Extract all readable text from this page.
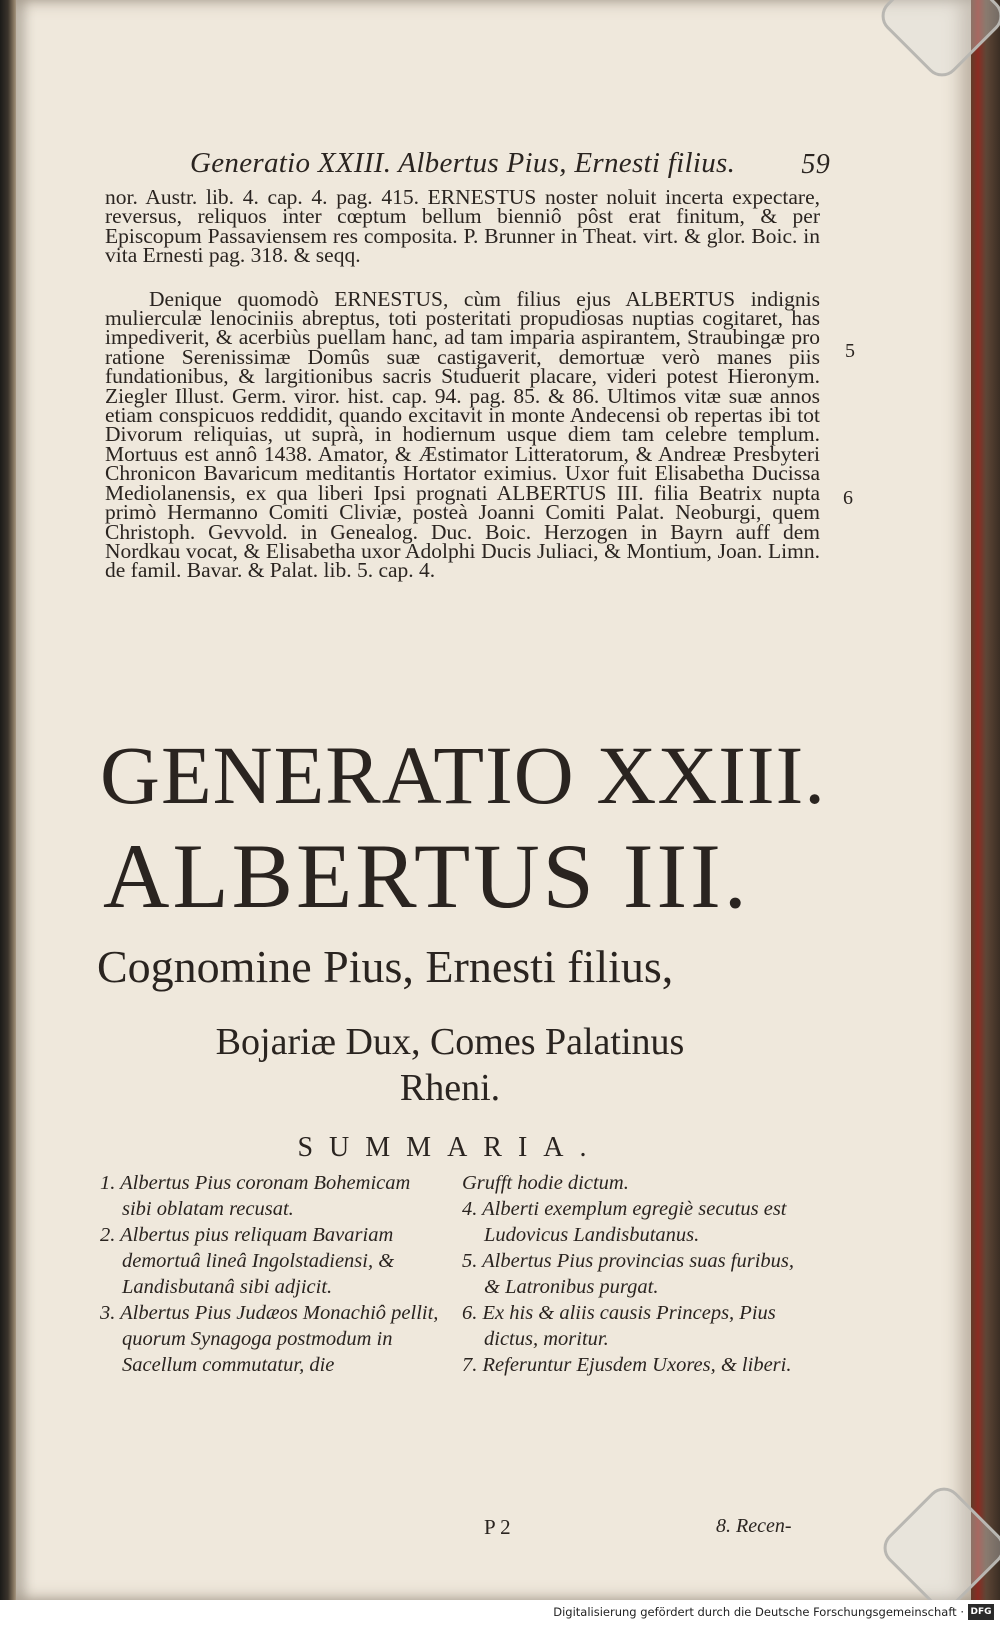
Generatio XXIII. Albertus Pius, Ernesti filius. 59
nor. Austr. lib. 4. cap. 4. pag. 415. ERNESTUS noster noluit incerta expectare, reversus, reliquos inter cœptum bellum bienniô pôst erat finitum, & per Episcopum Passaviensem res composita. P. Brunner in Theat. virt. & glor. Boic. in vita Ernesti pag. 318. & seqq.
Denique quomodò ERNESTUS, cùm filius ejus ALBERTUS indignis mulierculæ lenociniis abreptus, toti posteritati propudiosas nuptias cogitaret, has impediverit, & acerbiùs puellam hanc, ad tam imparia aspirantem, Straubingæ pro ratione Serenissimæ Domûs suæ castigaverit, demortuæ verò manes piis fundationibus, & largitionibus sacris Studuerit placare, videri potest Hieronym. Ziegler Illust. Germ. viror. hist. cap. 94. pag. 85. & 86. Ultimos vitæ suæ annos etiam conspicuos reddidit, quando excitavit in monte Andecensi ob repertas ibi tot Divorum reliquias, ut suprà, in hodiernum usque diem tam celebre templum. Mortuus est annô 1438. Amator, & Æstimator Litteratorum, & Andreæ Presbyteri Chronicon Bavaricum meditantis Hortator eximius. Uxor fuit Elisabetha Ducissa Mediolanensis, ex qua liberi Ipsi prognati ALBERTUS III. filia Beatrix nupta primò Hermanno Comiti Cliviæ, posteà Joanni Comiti Palat. Neoburgi, quem Christoph. Gevvold. in Genealog. Duc. Boic. Herzogen in Bayrn auff dem Nordkau vocat, & Elisabetha uxor Adolphi Ducis Juliaci, & Montium, Joan. Limn. de famil. Bavar. & Palat. lib. 5. cap. 4.
5
6
GENERATIO XXIII.
ALBERTUS III.
Cognomine Pius, Ernesti filius,
Bojariæ Dux, Comes Palatinus
Rheni.
SUMMARIA.
1. Albertus Pius coronam Bohemicam sibi oblatam recusat.
2. Albertus pius reliquam Bavariam demortuâ lineâ Ingolstadiensi, & Landisbutanâ sibi adjicit.
3. Albertus Pius Judæos Monachiô pellit, quorum Synagoga postmodum in Sacellum commutatur, die
Grufft hodie dictum.
4. Alberti exemplum egregiè secutus est Ludovicus Landisbutanus.
5. Albertus Pius provincias suas furibus, & Latronibus purgat.
6. Ex his & aliis causis Princeps, Pius dictus, moritur.
7. Referuntur Ejusdem Uxores, & liberi.
P 2	8. Recen-
Digitalisierung gefördert durch die Deutsche Forschungsgemeinschaft · DFG
